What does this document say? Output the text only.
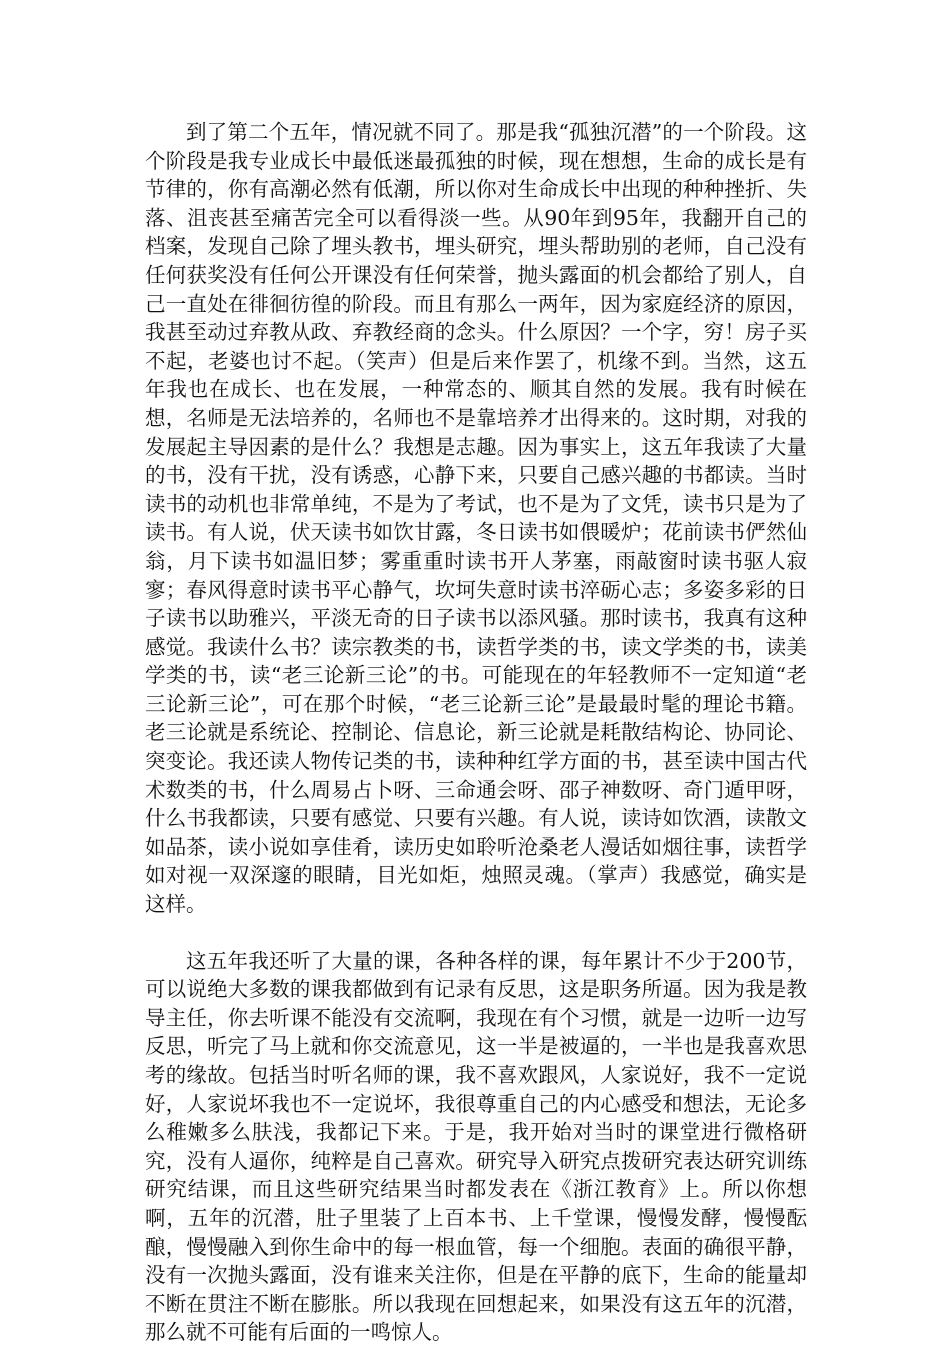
到了第二个五年，情况就不同了。那是我“孤独沉潜”的一个阶段。这个阶段是我专业成长中最低迷最孤独的时候，现在想想，生命的成长是有节律的，你有高潮必然有低潮，所以你对生命成长中出现的种种挫折、失落、沮丧甚至痛苦完全可以看得淡一些。从90年到95年，我翻开自己的档案，发现自己除了埋头教书，埋头研究，埋头帮助别的老师，自己没有任何获奖没有任何公开课没有任何荣誉，抛头露面的机会都给了别人，自己一直处在徘徊彷徨的阶段。而且有那么一两年，因为家庭经济的原因，我甚至动过弃教从政、弃教经商的念头。什么原因？一个字，穷！房子买不起，老婆也讨不起。（笑声）但是后来作罢了，机缘不到。当然，这五年我也在成长、也在发展，一种常态的、顺其自然的发展。我有时候在想，名师是无法培养的，名师也不是靠培养才出得来的。这时期，对我的发展起主导因素的是什么？我想是志趣。因为事实上，这五年我读了大量的书，没有干扰，没有诱惑，心静下来，只要自己感兴趣的书都读。当时读书的动机也非常单纯，不是为了考试，也不是为了文凭，读书只是为了读书。有人说，伏天读书如饮甘露，冬日读书如偎暖炉；花前读书俨然仙翁，月下读书如温旧梦；雾重重时读书开人茅塞，雨敲窗时读书驱人寂寥；春风得意时读书平心静气，坎坷失意时读书淬砺心志；多姿多彩的日子读书以助雅兴，平淡无奇的日子读书以添风骚。那时读书，我真有这种感觉。我读什么书？读宗教类的书，读哲学类的书，读文学类的书，读美学类的书，读“老三论新三论”的书。可能现在的年轻教师不一定知道“老三论新三论”，可在那个时候，“老三论新三论”是最最时髦的理论书籍。老三论就是系统论、控制论、信息论，新三论就是耗散结构论、协同论、突变论。我还读人物传记类的书，读种种红学方面的书，甚至读中国古代术数类的书，什么周易占卜呀、三命通会呀、邵子神数呀、奇门遁甲呀，什么书我都读，只要有感觉、只要有兴趣。有人说，读诗如饮酒，读散文如品茶，读小说如享佳肴，读历史如聆听沧桑老人漫话如烟往事，读哲学如对视一双深邃的眼睛，目光如炬，烛照灵魂。（掌声）我感觉，确实是这样。

这五年我还听了大量的课，各种各样的课，每年累计不少于200节，可以说绝大多数的课我都做到有记录有反思，这是职务所逼。因为我是教导主任，你去听课不能没有交流啊，我现在有个习惯，就是一边听一边写反思，听完了马上就和你交流意见，这一半是被逼的，一半也是我喜欢思考的缘故。包括当时听名师的课，我不喜欢跟风，人家说好，我不一定说好，人家说坏我也不一定说坏，我很尊重自己的内心感受和想法，无论多么稚嫩多么肤浅，我都记下来。于是，我开始对当时的课堂进行微格研究，没有人逼你，纯粹是自己喜欢。研究导入研究点拨研究表达研究训练研究结课，而且这些研究结果当时都发表在《浙江教育》上。所以你想啊，五年的沉潜，肚子里装了上百本书、上千堂课，慢慢发酵，慢慢酝酿，慢慢融入到你生命中的每一根血管，每一个细胞。表面的确很平静，没有一次抛头露面，没有谁来关注你，但是在平静的底下，生命的能量却不断在贯注不断在膨胀。所以我现在回想起来，如果没有这五年的沉潜，那么就不可能有后面的一鸣惊人。
